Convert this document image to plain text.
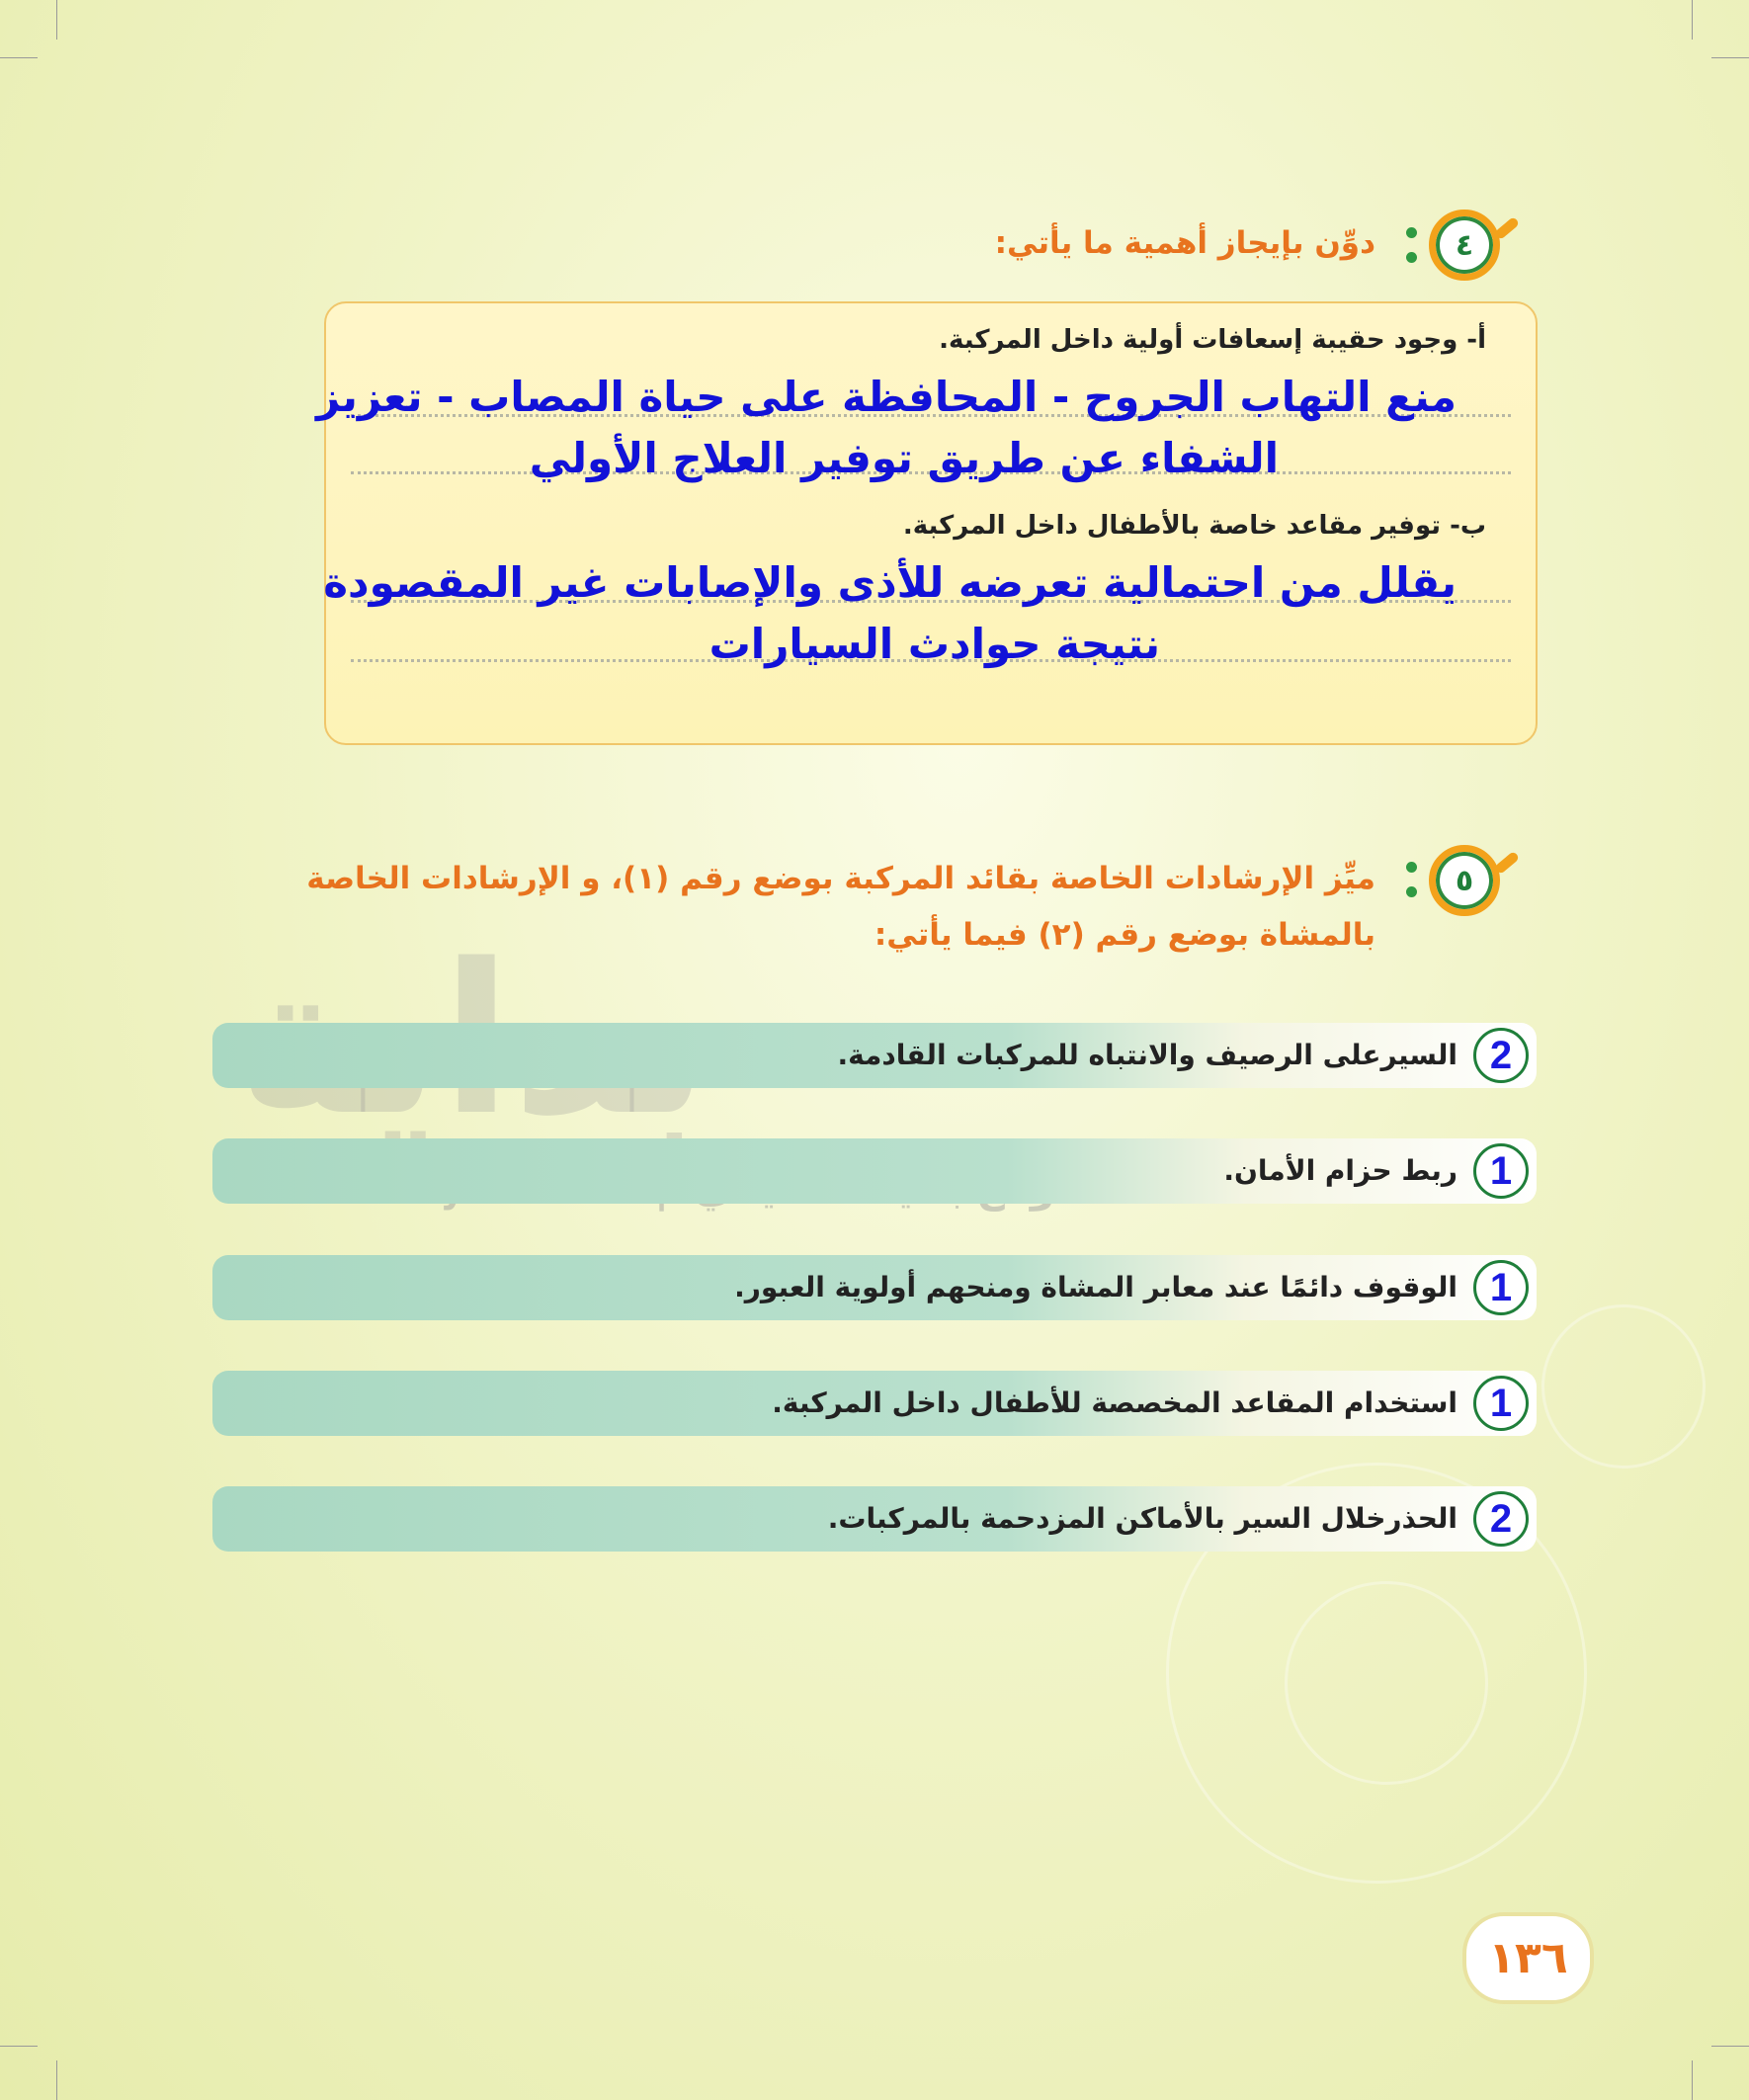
٤
دوِّن بإيجاز أهمية ما يأتي:
أ- وجود حقيبة إسعافات أولية داخل المركبة.
منع التهاب الجروح - المحافظة على حياة المصاب - تعزيز
الشفاء عن طريق توفير العلاج الأولي
ب- توفير مقاعد خاصة بالأطفال داخل المركبة.
يقلل من احتمالية تعرضه للأذى والإصابات غير المقصودة
نتيجة حوادث السيارات
٥
ميِّز الإرشادات الخاصة بقائد المركبة بوضع رقم (١)، و الإرشادات الخاصة
بالمشاة بوضع رقم (٢) فيما يأتي:
2
السيرعلى الرصيف والانتباه للمركبات القادمة.
1
ربط حزام الأمان.
1
الوقوف دائمًا عند معابر المشاة ومنحهم أولوية العبور.
1
استخدام المقاعد المخصصة للأطفال داخل المركبة.
2
الحذرخلال السير بالأماكن المزدحمة بالمركبات.
١٣٦
